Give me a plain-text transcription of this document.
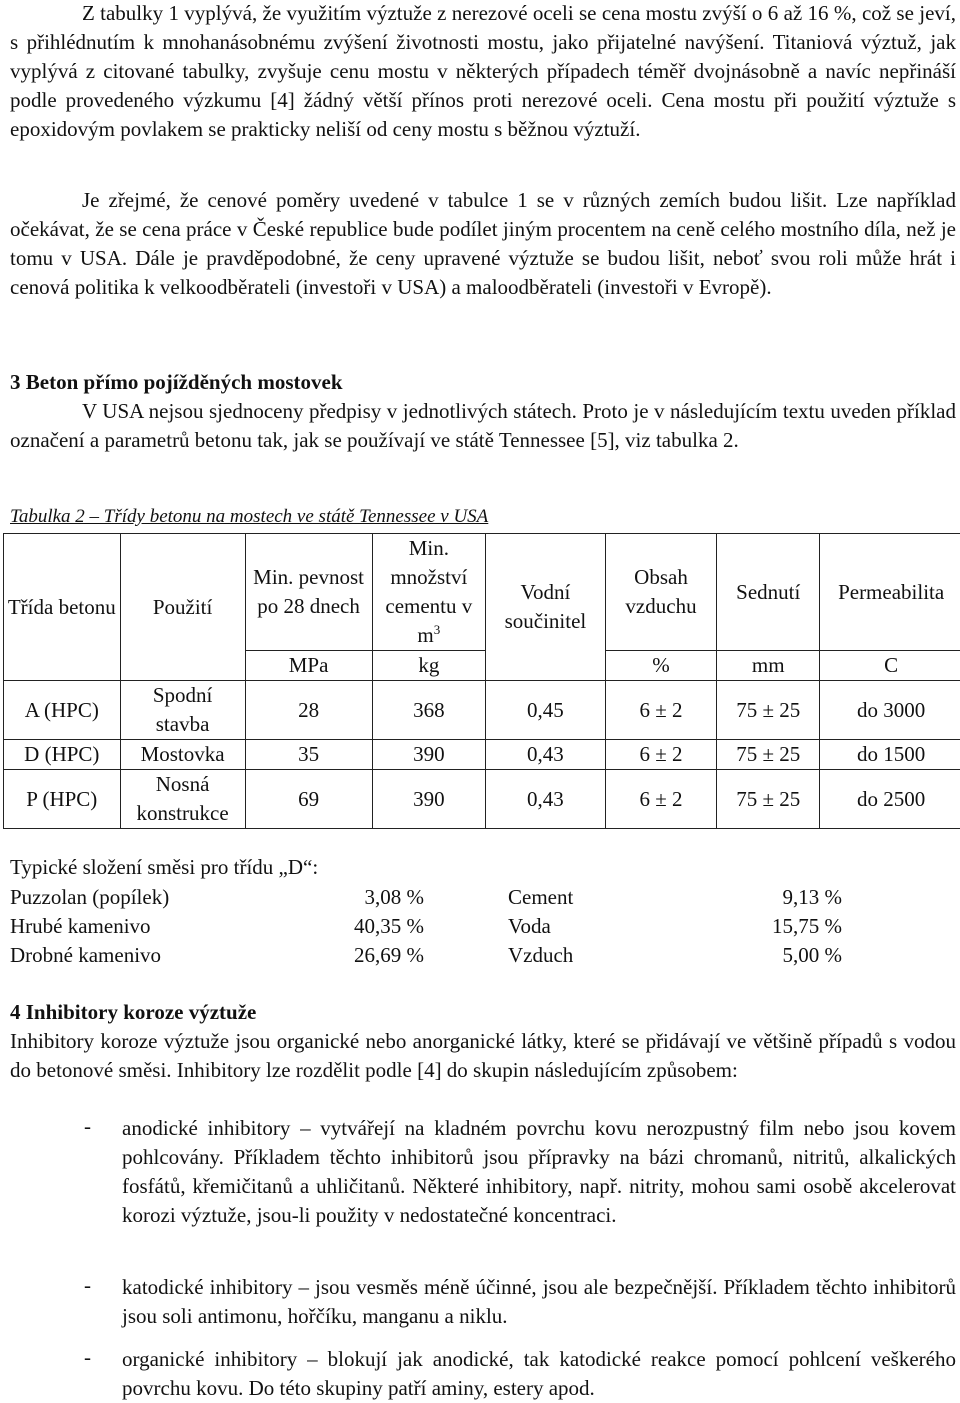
Z tabulky 1 vyplývá, že využitím výztuže z nerezové oceli se cena mostu zvýší o 6 až 16 %, což se jeví, s přihlédnutím k mnohanásobnému zvýšení životnosti mostu, jako přijatelné navýšení. Titaniová výztuž, jak vyplývá z citované tabulky, zvyšuje cenu mostu v některých případech téměř dvojnásobně a navíc nepřináší podle provedeného výzkumu [4] žádný větší přínos proti nerezové oceli. Cena mostu při použití výztuže s epoxidovým povlakem se prakticky neliší od ceny mostu s běžnou výztuží.

Je zřejmé, že cenové poměry uvedené v tabulce 1 se v různých zemích budou lišit. Lze například očekávat, že se cena práce v České republice bude podílet jiným procentem na ceně celého mostního díla, než je tomu v USA. Dále je pravděpodobné, že ceny upravené výztuže se budou lišit, neboť svou roli může hrát i cenová politika k velkoodběrateli (investoři v USA) a maloodběrateli (investoři v Evropě).

3 Beton přímo pojížděných mostovek

V USA nejsou sjednoceny předpisy v jednotlivých státech. Proto je v následujícím textu uveden příklad označení a parametrů betonu tak, jak se používají ve státě Tennessee [5], viz tabulka 2.

Tabulka 2 – Třídy betonu na mostech ve státě Tennessee v USA
Třída betonu	Použití	Min. pevnost po 28 dnech	Min. množství cementu v $m^3$	Vodní součinitel	Obsah vzduchu	Sednutí	Permeabilita
		MPa	kg		%	mm	C
A (HPC)	Spodní stavba	28	368	0,45	6 ± 2	75 ± 25	do 3000
D (HPC)	Mostovka	35	390	0,43	6 ± 2	75 ± 25	do 1500
P (HPC)	Nosná konstrukce	69	390	0,43	6 ± 2	75 ± 25	do 2500
Typické složení směsi pro třídu „D“:
Puzzolan (popílek)	3,08 %		Cement	9,13 %
Hrubé kamenivo	40,35 %		Voda	15,75 %
Drobné kamenivo	26,69 %		Vzduch	5,00 %
4 Inhibitory koroze výztuže

Inhibitory koroze výztuže jsou organické nebo anorganické látky, které se přidávají ve většině případů s vodou do betonové směsi. Inhibitory lze rozdělit podle [4] do skupin následujícím způsobem:

- anodické inhibitory – vytvářejí na kladném povrchu kovu nerozpustný film nebo jsou kovem pohlcovány. Příkladem těchto inhibitorů jsou přípravky na bázi chromanů, nitritů, alkalických fosfátů, křemičitanů a uhličitanů. Některé inhibitory, např. nitrity, mohou sami osobě akcelerovat korozi výztuže, jsou-li použity v nedostatečné koncentraci.

- katodické inhibitory – jsou vesměs méně účinné, jsou ale bezpečnější. Příkladem těchto inhibitorů jsou soli antimonu, hořčíku, manganu a niklu.

- organické inhibitory – blokují jak anodické, tak katodické reakce pomocí pohlcení veškerého povrchu kovu. Do této skupiny patří aminy, estery apod.
